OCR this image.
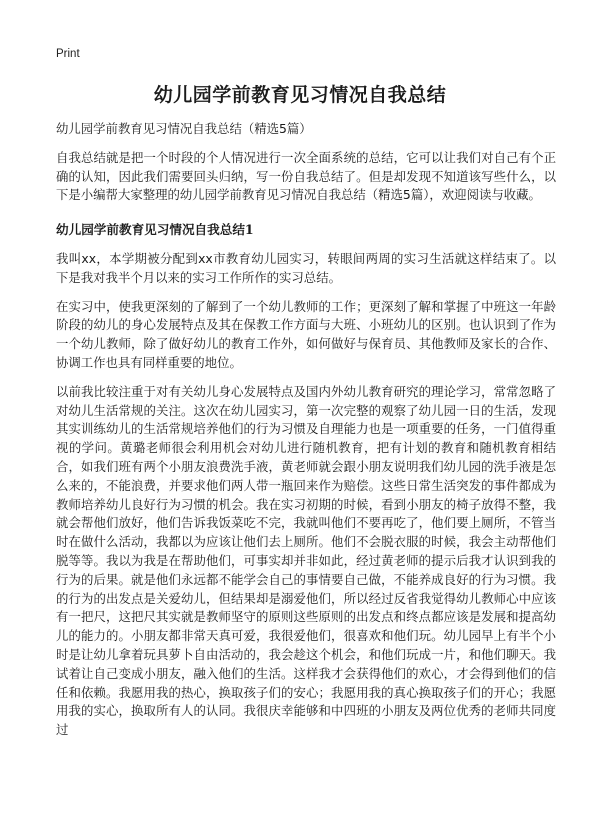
Print
幼儿园学前教育见习情况自我总结

幼儿园学前教育见习情况自我总结（精选5篇）

自我总结就是把一个时段的个人情况进行一次全面系统的总结，它可以让我们对自己有个正确的认知，因此我们需要回头归纳，写一份自我总结了。但是却发现不知道该写些什么，以下是小编帮大家整理的幼儿园学前教育见习情况自我总结（精选5篇），欢迎阅读与收藏。

幼儿园学前教育见习情况自我总结1

我叫xx，本学期被分配到xx市教育幼儿园实习，转眼间两周的实习生活就这样结束了。以下是我对我半个月以来的实习工作所作的实习总结。

在实习中，使我更深刻的了解到了一个幼儿教师的工作；更深刻了解和掌握了中班这一年龄阶段的幼儿的身心发展特点及其在保教工作方面与大班、小班幼儿的区别。也认识到了作为一个幼儿教师，除了做好幼儿的教育工作外，如何做好与保育员、其他教师及家长的合作、协调工作也具有同样重要的地位。

以前我比较注重于对有关幼儿身心发展特点及国内外幼儿教育研究的理论学习，常常忽略了对幼儿生活常规的关注。这次在幼儿园实习，第一次完整的观察了幼儿园一日的生活，发现其实训练幼儿的生活常规培养他们的行为习惯及自理能力也是一项重要的任务，一门值得重视的学问。黄璐老师很会利用机会对幼儿进行随机教育，把有计划的教育和随机教育相结合，如我们班有两个小朋友浪费洗手液，黄老师就会跟小朋友说明我们幼儿园的洗手液是怎么来的，不能浪费，并要求他们两人带一瓶回来作为赔偿。这些日常生活突发的事件都成为教师培养幼儿良好行为习惯的机会。我在实习初期的时候，看到小朋友的椅子放得不整，我就会帮他们放好，他们告诉我饭菜吃不完，我就叫他们不要再吃了，他们要上厕所，不管当时在做什么活动，我都以为应该让他们去上厕所。他们不会脱衣服的时候，我会主动帮他们脱等等。我以为我是在帮助他们，可事实却并非如此，经过黄老师的提示后我才认识到我的行为的后果。就是他们永远都不能学会自己的事情要自己做，不能养成良好的行为习惯。我的行为的出发点是关爱幼儿，但结果却是溺爱他们，所以经过反省我觉得幼儿教师心中应该有一把尺，这把尺其实就是教师坚守的原则这些原则的出发点和终点都应该是发展和提高幼儿的能力的。小朋友都非常天真可爱，我很爱他们，很喜欢和他们玩。幼儿园早上有半个小时是让幼儿拿着玩具萝卜自由活动的，我会趁这个机会，和他们玩成一片，和他们聊天。我试着让自己变成小朋友，融入他们的生活。这样我才会获得他们的欢心，才会得到他们的信任和依赖。我愿用我的热心，换取孩子们的安心；我愿用我的真心换取孩子们的开心；我愿用我的实心，换取所有人的认同。我很庆幸能够和中四班的小朋友及两位优秀的老师共同度过
